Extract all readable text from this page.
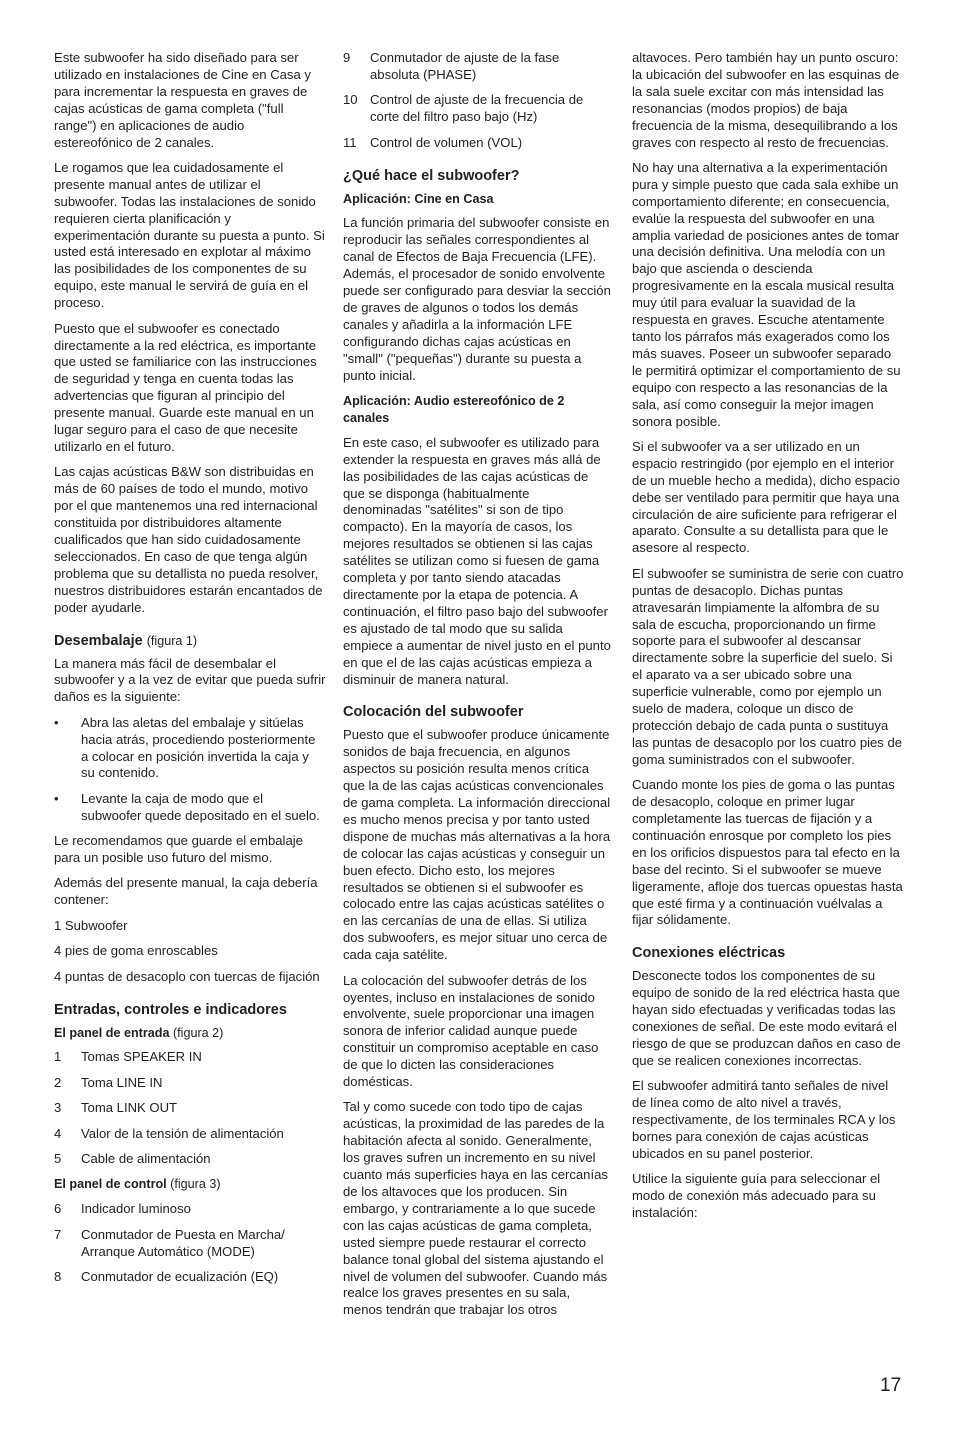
Este subwoofer ha sido diseñado para ser utilizado en instalaciones de Cine en Casa y para incrementar la respuesta en graves de cajas acústicas de gama completa ("full range") en aplicaciones de audio estereofónico de 2 canales.

Le rogamos que lea cuidadosamente el presente manual antes de utilizar el subwoofer. Todas las instalaciones de sonido requieren cierta planificación y experimentación durante su puesta a punto. Si usted está interesado en explotar al máximo las posibilidades de los componentes de su equipo, este manual le servirá de guía en el proceso.

Puesto que el subwoofer es conectado directamente a la red eléctrica, es importante que usted se familiarice con las instrucciones de seguridad y tenga en cuenta todas las advertencias que figuran al principio del presente manual. Guarde este manual en un lugar seguro para el caso de que necesite utilizarlo en el futuro.

Las cajas acústicas B&W son distribuidas en más de 60 países de todo el mundo, motivo por el que mantenemos una red internacional constituida por distribuidores altamente cualificados que han sido cuidadosamente seleccionados. En caso de que tenga algún problema que su detallista no pueda resolver, nuestros distribuidores estarán encantados de poder ayudarle.

Desembalaje (figura 1)

La manera más fácil de desembalar el subwoofer y a la vez de evitar que pueda sufrir daños es la siguiente:

•	Abra las aletas del embalaje y sitúelas hacia atrás, procediendo posteriormente a colocar en posición invertida la caja y su contenido.
•	Levante la caja de modo que el subwoofer quede depositado en el suelo.

Le recomendamos que guarde el embalaje para un posible uso futuro del mismo.

Además del presente manual, la caja debería contener:

1 Subwoofer

4 pies de goma enroscables

4 puntas de desacoplo con tuercas de fijación

Entradas, controles e indicadores
El panel de entrada (figura 2)
1	Tomas SPEAKER IN
2	Toma LINE IN
3	Toma LINK OUT
4	Valor de la tensión de alimentación
5	Cable de alimentación
El panel de control (figura 3)
6	Indicador luminoso
7	Conmutador de Puesta en Marcha/ Arranque Automático (MODE)
8	Conmutador de ecualización (EQ)
9	Conmutador de ajuste de la fase absoluta (PHASE)
10 Control de ajuste de la frecuencia de corte del filtro paso bajo (Hz)
11	Control de volumen (VOL)
¿Qué hace el subwoofer?
Aplicación: Cine en Casa

La función primaria del subwoofer consiste en reproducir las señales correspondientes al canal de Efectos de Baja Frecuencia (LFE). Además, el procesador de sonido envolvente puede ser configurado para desviar la sección de graves de algunos o todos los demás canales y añadirla a la información LFE configurando dichas cajas acústicas en "small" ("pequeñas") durante su puesta a punto inicial.

Aplicación: Audio estereofónico de 2 canales

En este caso, el subwoofer es utilizado para extender la respuesta en graves más allá de las posibilidades de las cajas acústicas de que se disponga (habitualmente denominadas "satélites" si son de tipo compacto). En la mayoría de casos, los mejores resultados se obtienen si las cajas satélites se utilizan como si fuesen de gama completa y por tanto siendo atacadas directamente por la etapa de potencia. A continuación, el filtro paso bajo del subwoofer es ajustado de tal modo que su salida empiece a aumentar de nivel justo en el punto en que el de las cajas acústicas empieza a disminuir de manera natural.

Colocación del subwoofer

Puesto que el subwoofer produce únicamente sonidos de baja frecuencia, en algunos aspectos su posición resulta menos crítica que la de las cajas acústicas convencionales de gama completa. La información direccional es mucho menos precisa y por tanto usted dispone de muchas más alternativas a la hora de colocar las cajas acústicas y conseguir un buen efecto. Dicho esto, los mejores resultados se obtienen si el subwoofer es colocado entre las cajas acústicas satélites o en las cercanías de una de ellas. Si utiliza dos subwoofers, es mejor situar uno cerca de cada caja satélite.

La colocación del subwoofer detrás de los oyentes, incluso en instalaciones de sonido envolvente, suele proporcionar una imagen sonora de inferior calidad aunque puede constituir un compromiso aceptable en caso de que lo dicten las consideraciones domésticas.

Tal y como sucede con todo tipo de cajas acústicas, la proximidad de las paredes de la habitación afecta al sonido. Generalmente, los graves sufren un incremento en su nivel cuanto más superficies haya en las cercanías de los altavoces que los producen. Sin embargo, y contrariamente a lo que sucede con las cajas acústicas de gama completa, usted siempre puede restaurar el correcto balance tonal global del sistema ajustando el nivel de volumen del subwoofer. Cuando más realce los graves presentes en su sala, menos tendrán que trabajar los otros

altavoces. Pero también hay un punto oscuro: la ubicación del subwoofer en las esquinas de la sala suele excitar con más intensidad las resonancias (modos propios) de baja frecuencia de la misma, desequilibrando a los graves con respecto al resto de frecuencias.

No hay una alternativa a la experimentación pura y simple puesto que cada sala exhibe un comportamiento diferente; en consecuencia, evalúe la respuesta del subwoofer en una amplia variedad de posiciones antes de tomar una decisión definitiva. Una melodía con un bajo que ascienda o descienda progresivamente en la escala musical resulta muy útil para evaluar la suavidad de la respuesta en graves. Escuche atentamente tanto los párrafos más exagerados como los más suaves. Poseer un subwoofer separado le permitirá optimizar el comportamiento de su equipo con respecto a las resonancias de la sala, así como conseguir la mejor imagen sonora posible.

Si el subwoofer va a ser utilizado en un espacio restringido (por ejemplo en el interior de un mueble hecho a medida), dicho espacio debe ser ventilado para permitir que haya una circulación de aire suficiente para refrigerar el aparato. Consulte a su detallista para que le asesore al respecto.

El subwoofer se suministra de serie con cuatro puntas de desacoplo. Dichas puntas atravesarán limpiamente la alfombra de su sala de escucha, proporcionando un firme soporte para el subwoofer al descansar directamente sobre la superficie del suelo. Si el aparato va a ser ubicado sobre una superficie vulnerable, como por ejemplo un suelo de madera, coloque un disco de protección debajo de cada punta o sustituya las puntas de desacoplo por los cuatro pies de goma suministrados con el subwoofer.

Cuando monte los pies de goma o las puntas de desacoplo, coloque en primer lugar completamente las tuercas de fijación y a continuación enrosque por completo los pies en los orificios dispuestos para tal efecto en la base del recinto. Si el subwoofer se mueve ligeramente, afloje dos tuercas opuestas hasta que esté firma y a continuación vuélvalas a fijar sólidamente.

Conexiones eléctricas

Desconecte todos los componentes de su equipo de sonido de la red eléctrica hasta que hayan sido efectuadas y verificadas todas las conexiones de señal. De este modo evitará el riesgo de que se produzcan daños en caso de que se realicen conexiones incorrectas.

El subwoofer admitirá tanto señales de nivel de línea como de alto nivel a través, respectivamente, de los terminales RCA y los bornes para conexión de cajas acústicas ubicados en su panel posterior.

Utilice la siguiente guía para seleccionar el modo de conexión más adecuado para su instalación:

17
